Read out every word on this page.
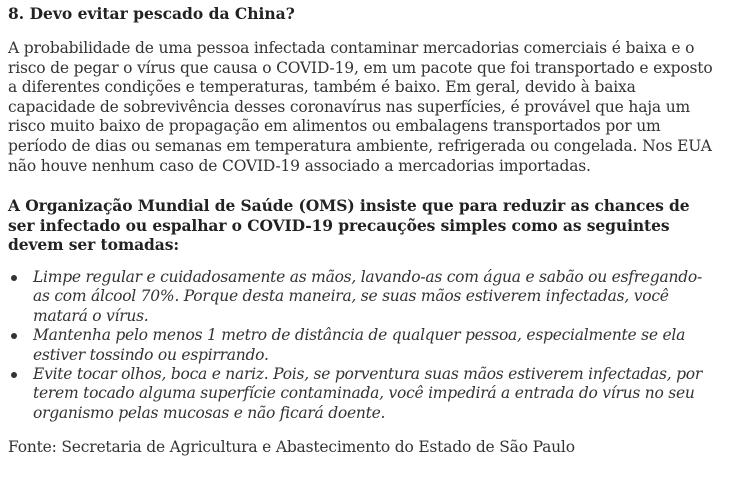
8. Devo evitar pescado da China?

A probabilidade de uma pessoa infectada contaminar mercadorias comerciais é baixa e o risco de pegar o vírus que causa o COVID-19, em um pacote que foi transportado e exposto a diferentes condições e temperaturas, também é baixo. Em geral, devido à baixa capacidade de sobrevivência desses coronavírus nas superfícies, é provável que haja um risco muito baixo de propagação em alimentos ou embalagens transportados por um período de dias ou semanas em temperatura ambiente, refrigerada ou congelada. Nos EUA não houve nenhum caso de COVID-19 associado a mercadorias importadas.

A Organização Mundial de Saúde (OMS) insiste que para reduzir as chances de ser infectado ou espalhar o COVID-19 precauções simples como as seguintes devem ser tomadas:

Limpe regular e cuidadosamente as mãos, lavando-as com água e sabão ou esfregando-as com álcool 70%. Porque desta maneira, se suas mãos estiverem infectadas, você matará o vírus.
Mantenha pelo menos 1 metro de distância de qualquer pessoa, especialmente se ela estiver tossindo ou espirrando.
Evite tocar olhos, boca e nariz. Pois, se porventura suas mãos estiverem infectadas, por terem tocado alguma superfície contaminada, você impedirá a entrada do vírus no seu organismo pelas mucosas e não ficará doente.

Fonte: Secretaria de Agricultura e Abastecimento do Estado de São Paulo
